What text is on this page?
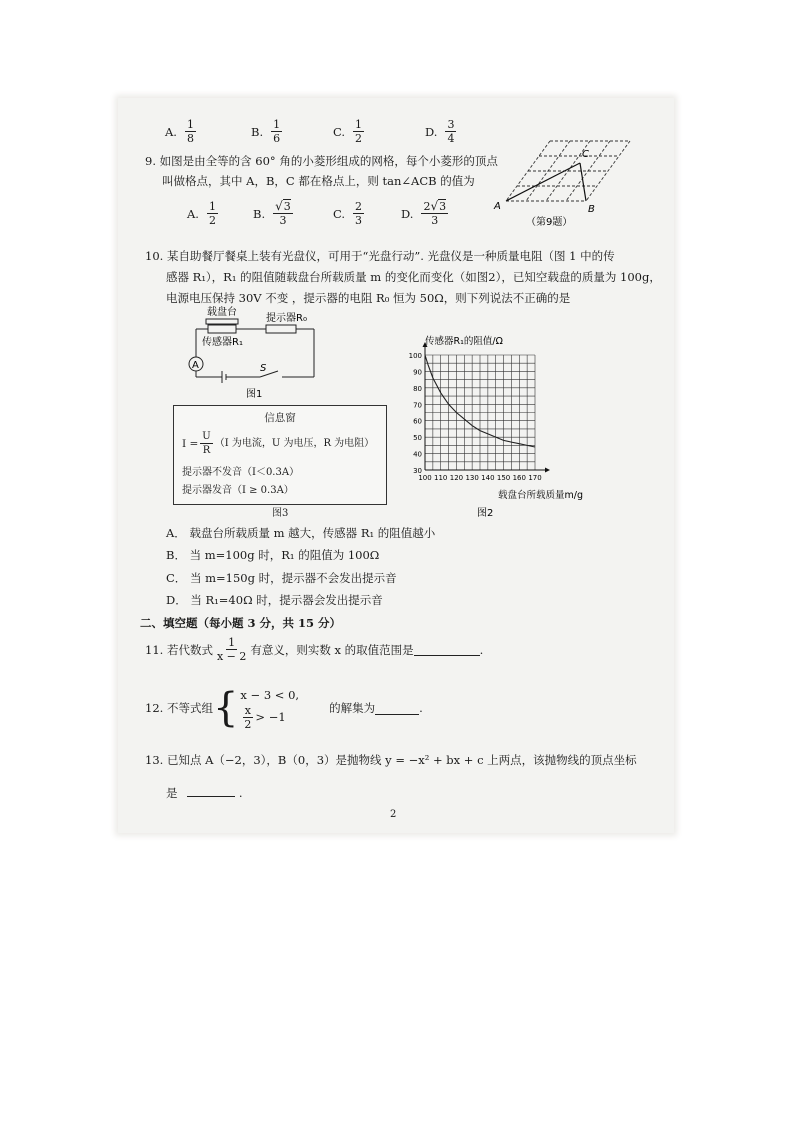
A. $\frac{1}{8}$	B. $\frac{1}{6}$	C. $\frac{1}{2}$	D. $\frac{3}{4}$
9. 如图是由全等的含 60° 角的小菱形组成的网格，每个小菱形的顶点
叫做格点，其中 A，B，C 都在格点上，则 tan∠ACB 的值为
A. $\frac{1}{2}$	B. $\frac{√3}{3}$	C. $\frac{2}{3}$	D. $\frac{2√3}{3}$	A	B
C
（第9题）
10. 某自助餐厅餐桌上装有光盘仪，可用于“光盘行动”. 光盘仪是一种质量电阻（图 1 中的传
感器 R₁），R₁ 的阻值随载盘台所载质量 m 的变化而变化（如图2），已知空载盘的质量为 100g，
电源电压保持 30V 不变 ，提示器的电阻 R₀ 恒为 50Ω，则下列说法不正确的是
A
载盘台
提示器R₀
传感器R₁
S
图1
信息窗
$I = \frac{U}{R} (I$ 为电流，U 为电压，R 为电阻）
提示器不发音（I＜0.3A）
提示器发音（I ≥ 0.3A）
图3
30
40
50
60
70
80
90
100
100 110 120 130 140 150 160 170
传感器R₁的阻值/Ω
载盘台所载质量m/g
图2
A． 载盘台所载质量 m 越大，传感器 R₁ 的阻值越小
B． 当 m=100g 时，R₁ 的阻值为 100Ω
C． 当 m=150g 时，提示器不会发出提示音
D． 当 R₁=40Ω 时，提示器会发出提示音
二、填空题（每小题 3 分，共 15 分）
11. 若代数式 $\frac{1}{x - 2}$ 有意义，则实数 x 的取值范围是	.
12. 不等式组 { x − 3 < 0,
$\frac{x}{2} > -1$
的解集为	.
13. 已知点 A（−2，3），B（0，3）是抛物线 y = −x² + bx + c 上两点，该抛物线的顶点坐标
是	.
2
